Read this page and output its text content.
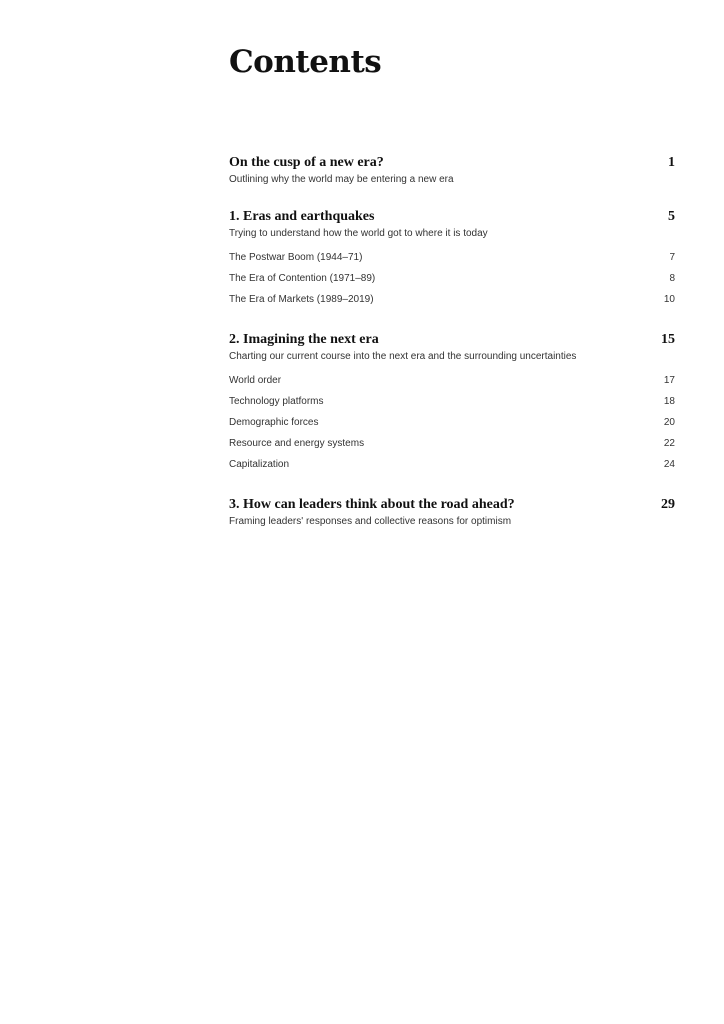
Contents
On the cusp of a new era?	1
Outlining why the world may be entering a new era
1. Eras and earthquakes	5
Trying to understand how the world got to where it is today
The Postwar Boom (1944–71)	7
The Era of Contention (1971–89)	8
The Era of Markets (1989–2019)	10
2. Imagining the next era	15
Charting our current course into the next era and the surrounding uncertainties
World order	17
Technology platforms	18
Demographic forces	20
Resource and energy systems	22
Capitalization	24
3. How can leaders think about the road ahead?	29
Framing leaders' responses and collective reasons for optimism
